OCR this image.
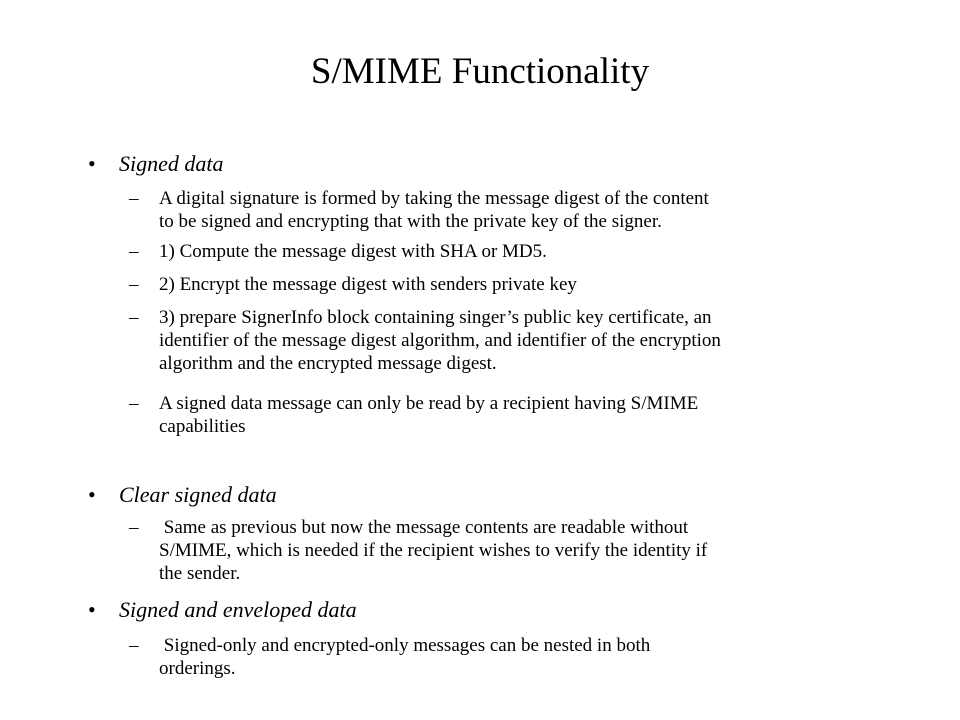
S/MIME Functionality
• Signed data
– A digital signature is formed by taking the message digest of the content
to be signed and encrypting that with the private key of the signer.
– 1) Compute the message digest with SHA or MD5.
– 2) Encrypt the message digest with senders private key
– 3) prepare SignerInfo block containing singer’s public key certificate, an
identifier of the message digest algorithm, and identifier of the encryption
algorithm and the encrypted message digest.
– A signed data message can only be read by a recipient having S/MIME
capabilities
• Clear signed data
– Same as previous but now the message contents are readable without
S/MIME, which is needed if the recipient wishes to verify the identity if
the sender.
• Signed and enveloped data
– Signed-only and encrypted-only messages can be nested in both
orderings.
